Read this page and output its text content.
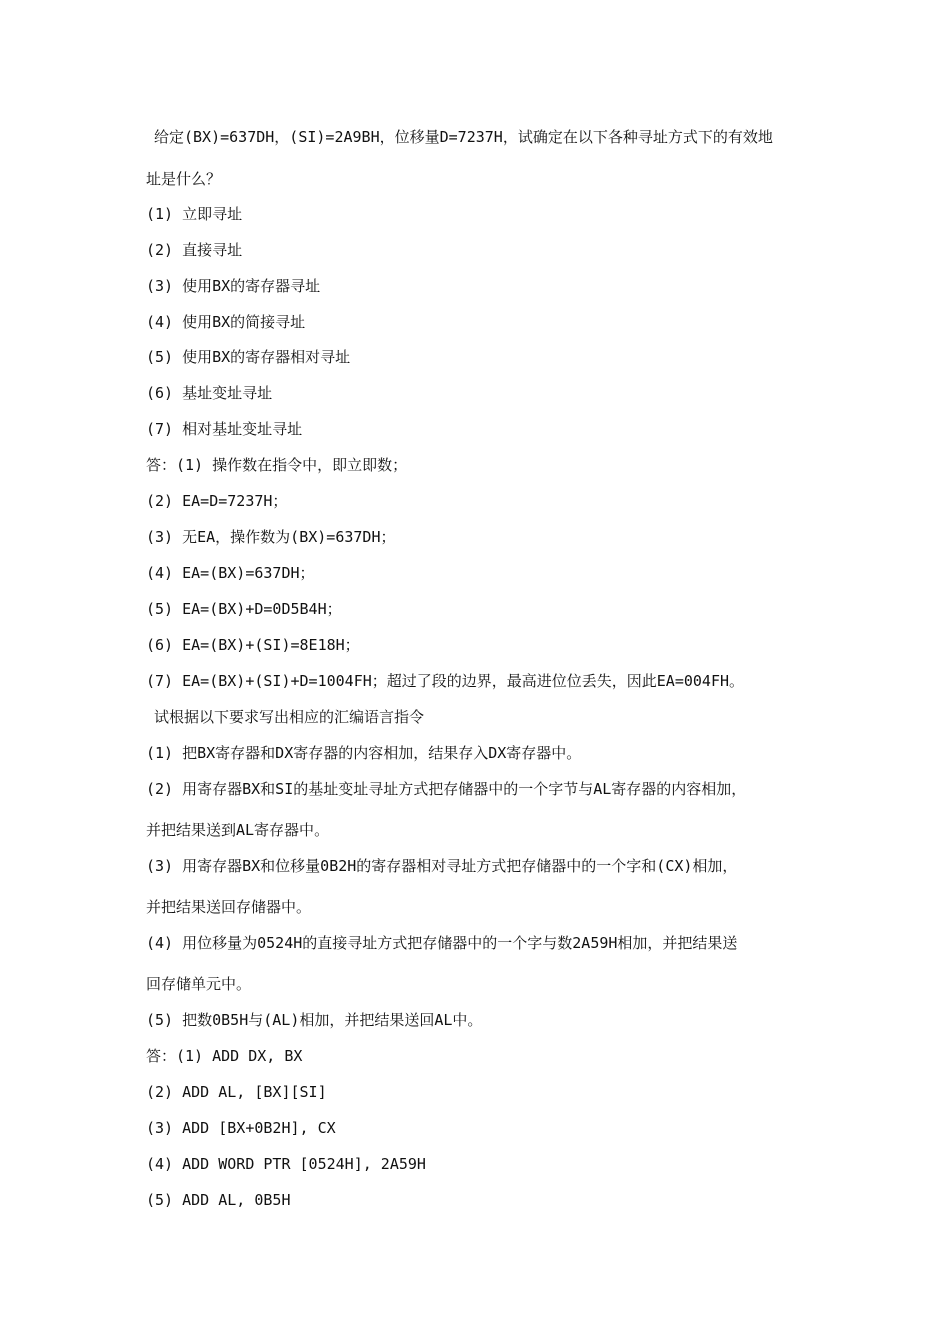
给定(BX)=637DH，(SI)=2A9BH，位移量D=7237H，试确定在以下各种寻址方式下的有效地
址是什么？
(1) 立即寻址
(2) 直接寻址
(3) 使用BX的寄存器寻址
(4) 使用BX的简接寻址
(5) 使用BX的寄存器相对寻址
(6) 基址变址寻址
(7) 相对基址变址寻址
答：(1) 操作数在指令中，即立即数；
(2) EA=D=7237H；
(3) 无EA，操作数为(BX)=637DH；
(4) EA=(BX)=637DH；
(5) EA=(BX)+D=0D5B4H；
(6) EA=(BX)+(SI)=8E18H；
(7) EA=(BX)+(SI)+D=1004FH；超过了段的边界，最高进位位丢失，因此EA=004FH。
试根据以下要求写出相应的汇编语言指令
(1) 把BX寄存器和DX寄存器的内容相加，结果存入DX寄存器中。
(2) 用寄存器BX和SI的基址变址寻址方式把存储器中的一个字节与AL寄存器的内容相加，
并把结果送到AL寄存器中。
(3) 用寄存器BX和位移量0B2H的寄存器相对寻址方式把存储器中的一个字和(CX)相加，
并把结果送回存储器中。
(4) 用位移量为0524H的直接寻址方式把存储器中的一个字与数2A59H相加，并把结果送
回存储单元中。
(5) 把数0B5H与(AL)相加，并把结果送回AL中。
答：(1) ADD DX, BX
(2) ADD AL, [BX][SI]
(3) ADD [BX+0B2H], CX
(4) ADD WORD PTR [0524H], 2A59H
(5) ADD AL, 0B5H
